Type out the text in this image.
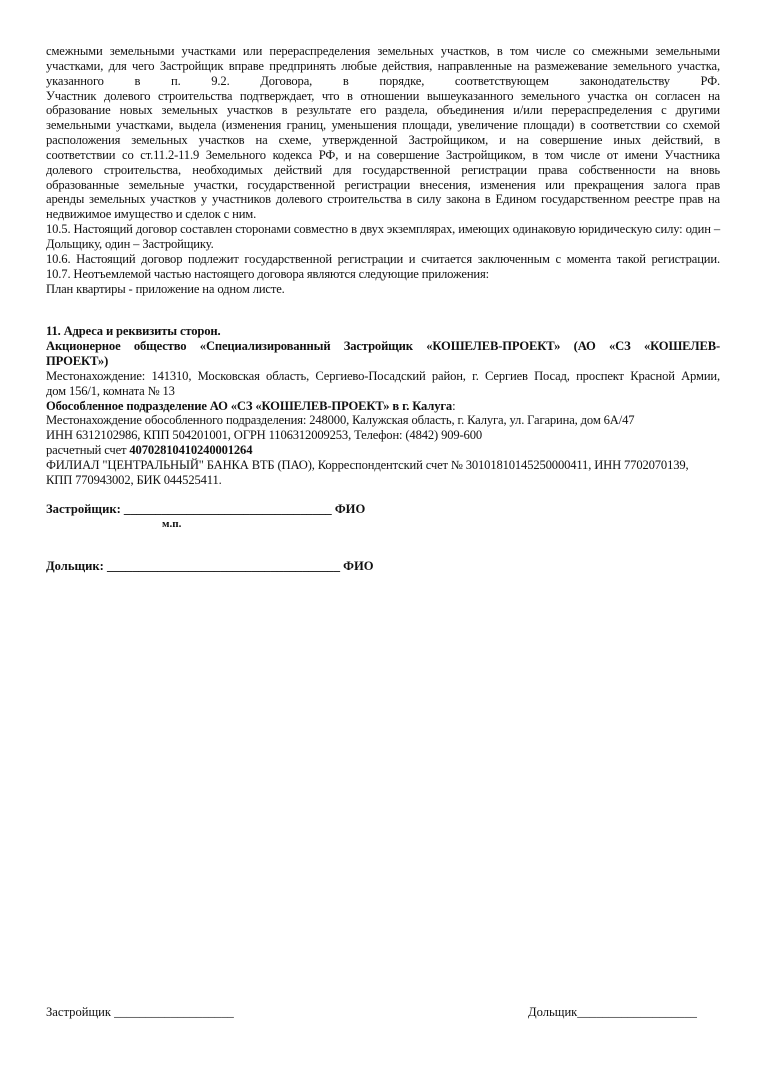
смежными земельными участками или перераспределения земельных участков, в том числе со смежными земельными
участками, для чего Застройщик вправе предпринять любые действия, направленные на размежевание земельного участка,
указанного в п. 9.2. Договора, в порядке, соответствующем законодательству РФ.
Участник долевого строительства подтверждает, что в отношении вышеуказанного земельного участка он согласен на
образование новых земельных участков в результате его раздела, объединения и/или перераспределения с другими
земельными участками, выдела (изменения границ, уменьшения площади, увеличение площади) в соответствии со схемой
расположения земельных участков на схеме, утвержденной Застройщиком, и на совершение иных действий, в
соответствии со ст.11.2-11.9 Земельного кодекса РФ, и на совершение Застройщиком, в том числе от имени Участника
долевого строительства, необходимых действий для государственной регистрации права собственности на вновь
образованные земельные участки, государственной регистрации внесения, изменения или прекращения залога прав
аренды земельных участков у участников долевого строительства в силу закона в Едином государственном реестре прав на
недвижимое имущество и сделок с ним.
10.5. Настоящий договор составлен сторонами совместно в двух экземплярах, имеющих одинаковую юридическую силу: один –
Дольщику, один – Застройщику.
10.6. Настоящий договор подлежит государственной регистрации и считается заключенным с момента такой регистрации.
10.7. Неотъемлемой частью настоящего договора являются следующие приложения:
План квартиры - приложение на одном листе.
11. Адреса и реквизиты сторон.
Акционерное общество «Специализированный Застройщик «КОШЕЛЕВ-ПРОЕКТ» (АО «СЗ «КОШЕЛЕВ-
ПРОЕКТ»)
Местонахождение: 141310, Московская область, Сергиево-Посадский район, г. Сергиев Посад, проспект Красной Армии,
дом 156/1, комната № 13
Обособленное подразделение АО «СЗ «КОШЕЛЕВ-ПРОЕКТ» в г. Калуга:
Местонахождение обособленного подразделения: 248000, Калужская область, г. Калуга, ул. Гагарина, дом 6А/47
ИНН 6312102986, КПП 504201001, ОГРН 1106312009253, Телефон: (4842) 909-600
расчетный счет 40702810410240001264
ФИЛИАЛ "ЦЕНТРАЛЬНЫЙ" БАНКА ВТБ (ПАО), Корреспондентский счет № 30101810145250000411, ИНН 7702070139,
КПП 770943002, БИК 044525411.
Застройщик: _________________________________ ФИО
м.п.
Дольщик: _____________________________________ ФИО
Застройщик ___________________	Дольщик___________________
